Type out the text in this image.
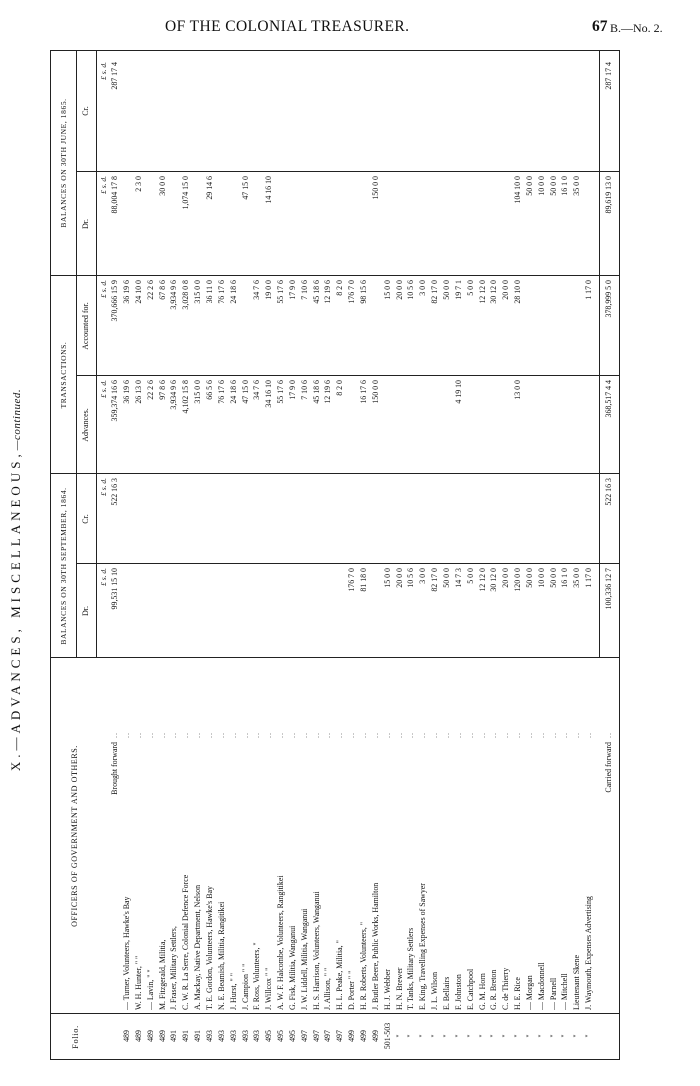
OF THE COLONIAL TREASURER.	67 B.—No. 2.
X.—ADVANCES, MISCELLANEOUS,—continued.
Folio.
OFFICERS OF GOVERNMENT AND OTHERS.
BALANCES ON 30TH SEPTEMBER, 1864.
TRANSACTIONS.
BALANCES ON 30TH JUNE, 1865.
Dr.
Cr.
Advances.
Accounted for.
Dr.
Cr.
£ s. d.
£ s. d.
£ s. d.
£ s. d.
£ s. d.
£ s. d.
Brought forward
..
99,531 15 10
522 16 3
359,374 16 6
370,666 15 9
88,004 17 8
287 17 4
489
— Turner, Volunteers, Hawke's Bay
36 19 6
36 19 6
..
489
W. H. Hunter, " "
26 13 0
24 10 0
2 3 0
..
489
— Lavin, " "
22 2 6
22 2 6
..
489
M. Fitzgerald, Militia,
97 8 6
67 8 6
30 0 0
..
491
J. Fraser, Military Settlers,
3,934 9 6
3,934 9 6
..
491
C. W. R. La Serre, Colonial Defence Force
4,102 15 8
3,028 0 8
1,074 15 0
..
491
A. Mackay, Native Department, Nelson
315 0 0
315 0 0
..
493
T. E. Gordon, Volunteers, Hawke's Bay
66 5 6
36 11 0
29 14 6
..
493
N. E. Beamish, Militia, Rangitikei
76 17 6
76 17 6
..
493
J. Hurst, " "
24 18 6
24 18 6
..
493
J. Campion " "
47 15 0
47 15 0
..
493
F. Ross, Volunteers, "
34 7 6
34 7 6
..
495
J. Willcox " "
34 16 10
19 0 0
14 16 10
..
495
A. W. F. Halcombe, Volunteers, Rangitikei
55 17 6
55 17 6
..
495
G. Fisk, Militia, Wanganui
17 9 0
17 9 0
..
497
J. W. Liddell, Militia, Wanganui
7 10 6
7 10 6
..
497
H. S. Harrison, Volunteers, Wanganui
45 18 6
45 18 6
..
497
J. Allison, " "
12 19 6
12 19 6
..
497
H. L. Peake, Militia, "
8 2 0
8 2 0
..
499
D. Porter " "
176 7 0
176 7 0
..
499
H. R. Roberts, Volunteers, "
81 18 0
16 17 6
98 15 6
..
499
J. Butler Beere, Public Works, Hamilton
150 0 0
150 0 0
..
501-503
H. J. Webber
15 0 0
15 0 0
..
"
H. N. Brewer
20 0 0
20 0 0
..
"
T. Tanks, Military Settlers
10 5 6
10 5 6
..
"
E. King, Travelling Expenses of Sawyer
3 0 0
3 0 0
..
"
J. L. Wilson
82 17 0
82 17 0
..
"
E. Bellairs
50 0 0
50 0 0
..
"
F. Johnston
14 7 3
4 19 10
19 7 1
..
"
E. Catchpool
5 0 0
5 0 0
..
"
G. M. Horn
12 12 0
12 12 0
..
"
G. R. Breton
30 12 0
30 12 0
..
"
C. de Thierry
20 0 0
20 0 0
..
"
H. E. Rice
120 0 0
13 0 0
28 10 0
104 10 0
..
"
— Morgan
50 0 0
50 0 0
..
"
— Macdonnell
10 0 0
10 0 0
..
"
— Parnell
50 0 0
50 0 0
..
"
— Mitchell
16 1 0
16 1 0
..
"
Lieutenant Skene
35 0 0
35 0 0
..
"
J. Waymouth, Expenses Advertising
1 17 0
1 17 0
..
Carried forward
..
100,336 12 7
522 16 3
368,517 4 4
378,999 5 0
89,619 13 0
287 17 4
